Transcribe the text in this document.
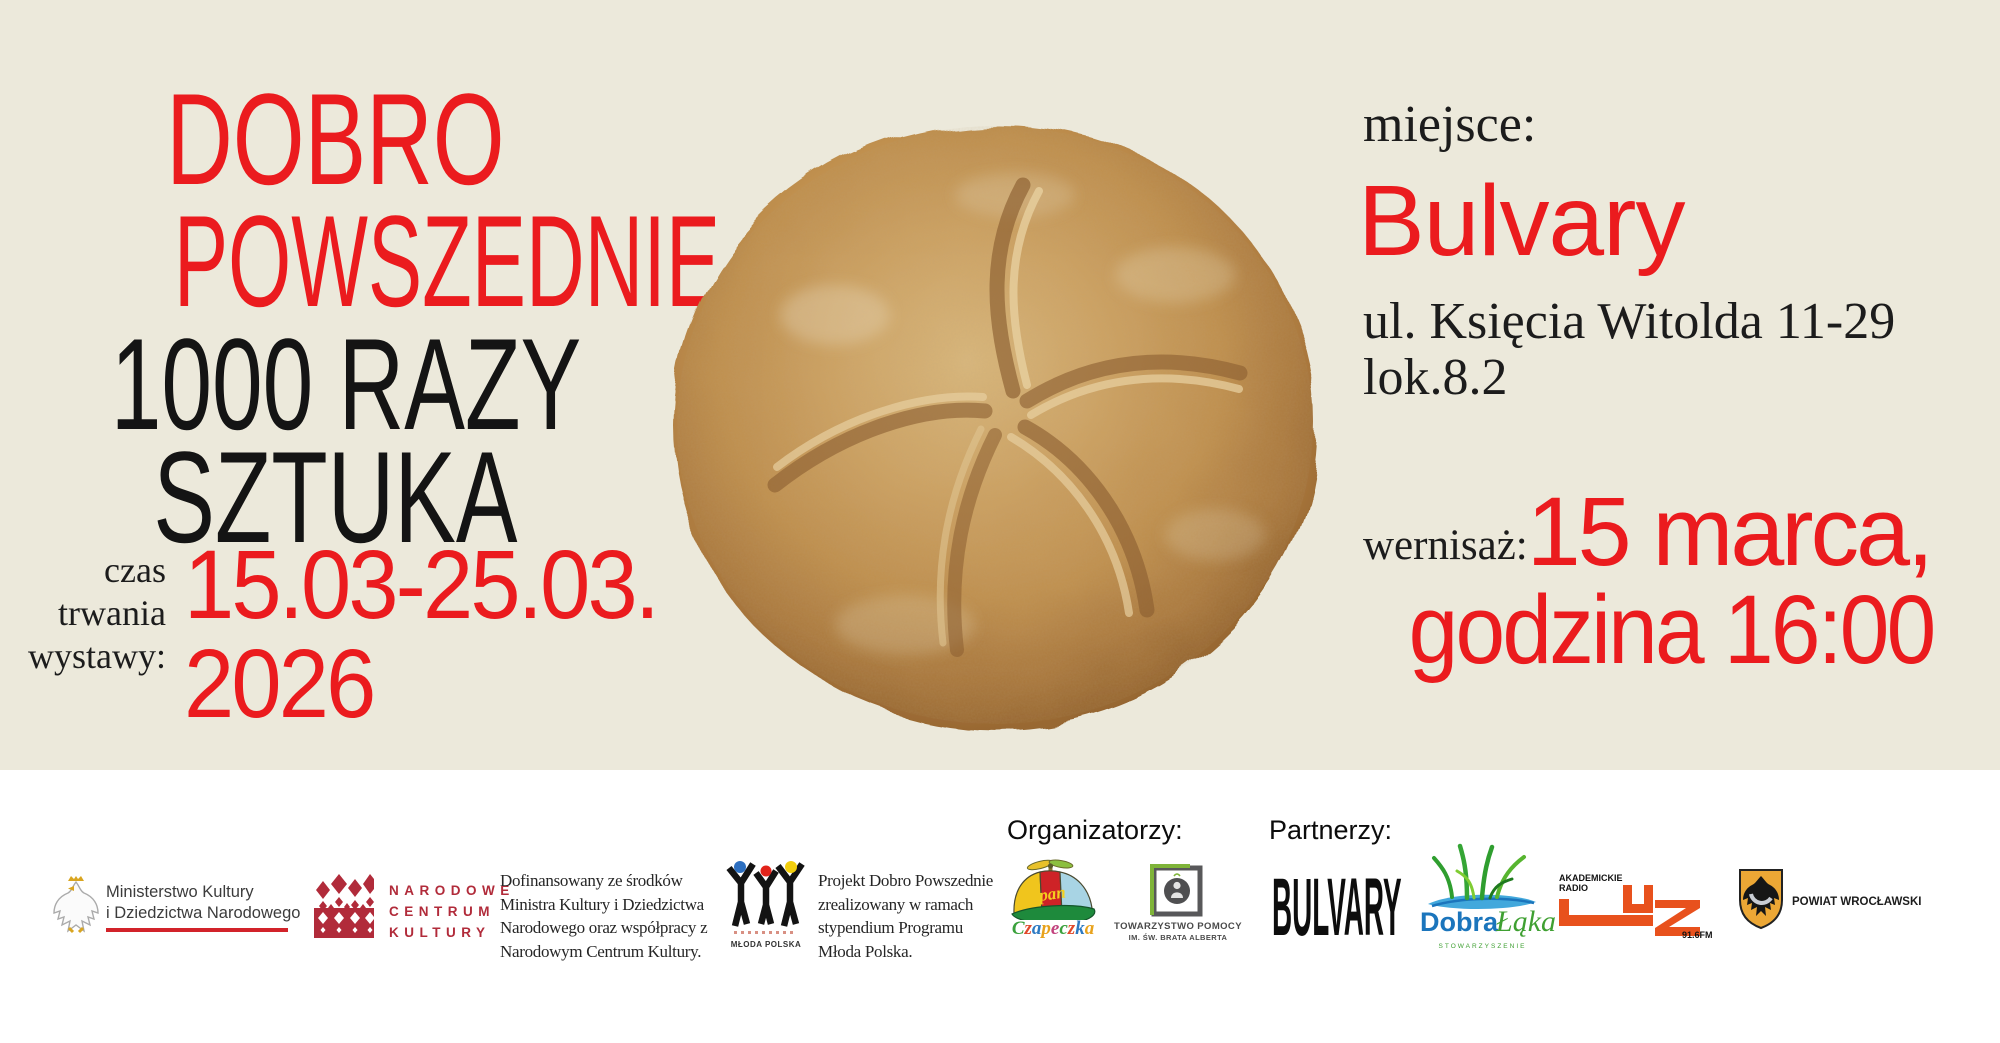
DOBRO
POWSZEDNIE
1000 RAZY
SZTUKA
czas
trwania
wystawy:
15.03-25.03.
2026
miejsce:
Bulvary
ul. Księcia Witolda 11-29
lok.8.2
wernisaż:
15 marca,
godzina 16:00
Ministerstwo Kultury
i Dziedzictwa Narodowego
NARODOWE
CENTRUM
KULTURY
Dofinansowany ze środków
Ministra Kultury i Dziedzictwa
Narodowego oraz współpracy z
Narodowym Centrum Kultury.	MŁODA POLSKA
Projekt Dobro Powszednie
zrealizowany w ramach
stypendium Programu
Młoda Polska.
Organizatorzy:	Partnerzy:
pan
Czapeczka	TOWARZYSTWO POMOCY
IM. ŚW. BRATA ALBERTA BULVARY DobraŁąka
STOWARZYSZENIE
AKADEMICKIE
RADIO
91.6FM
POWIAT WROCŁAWSKI
